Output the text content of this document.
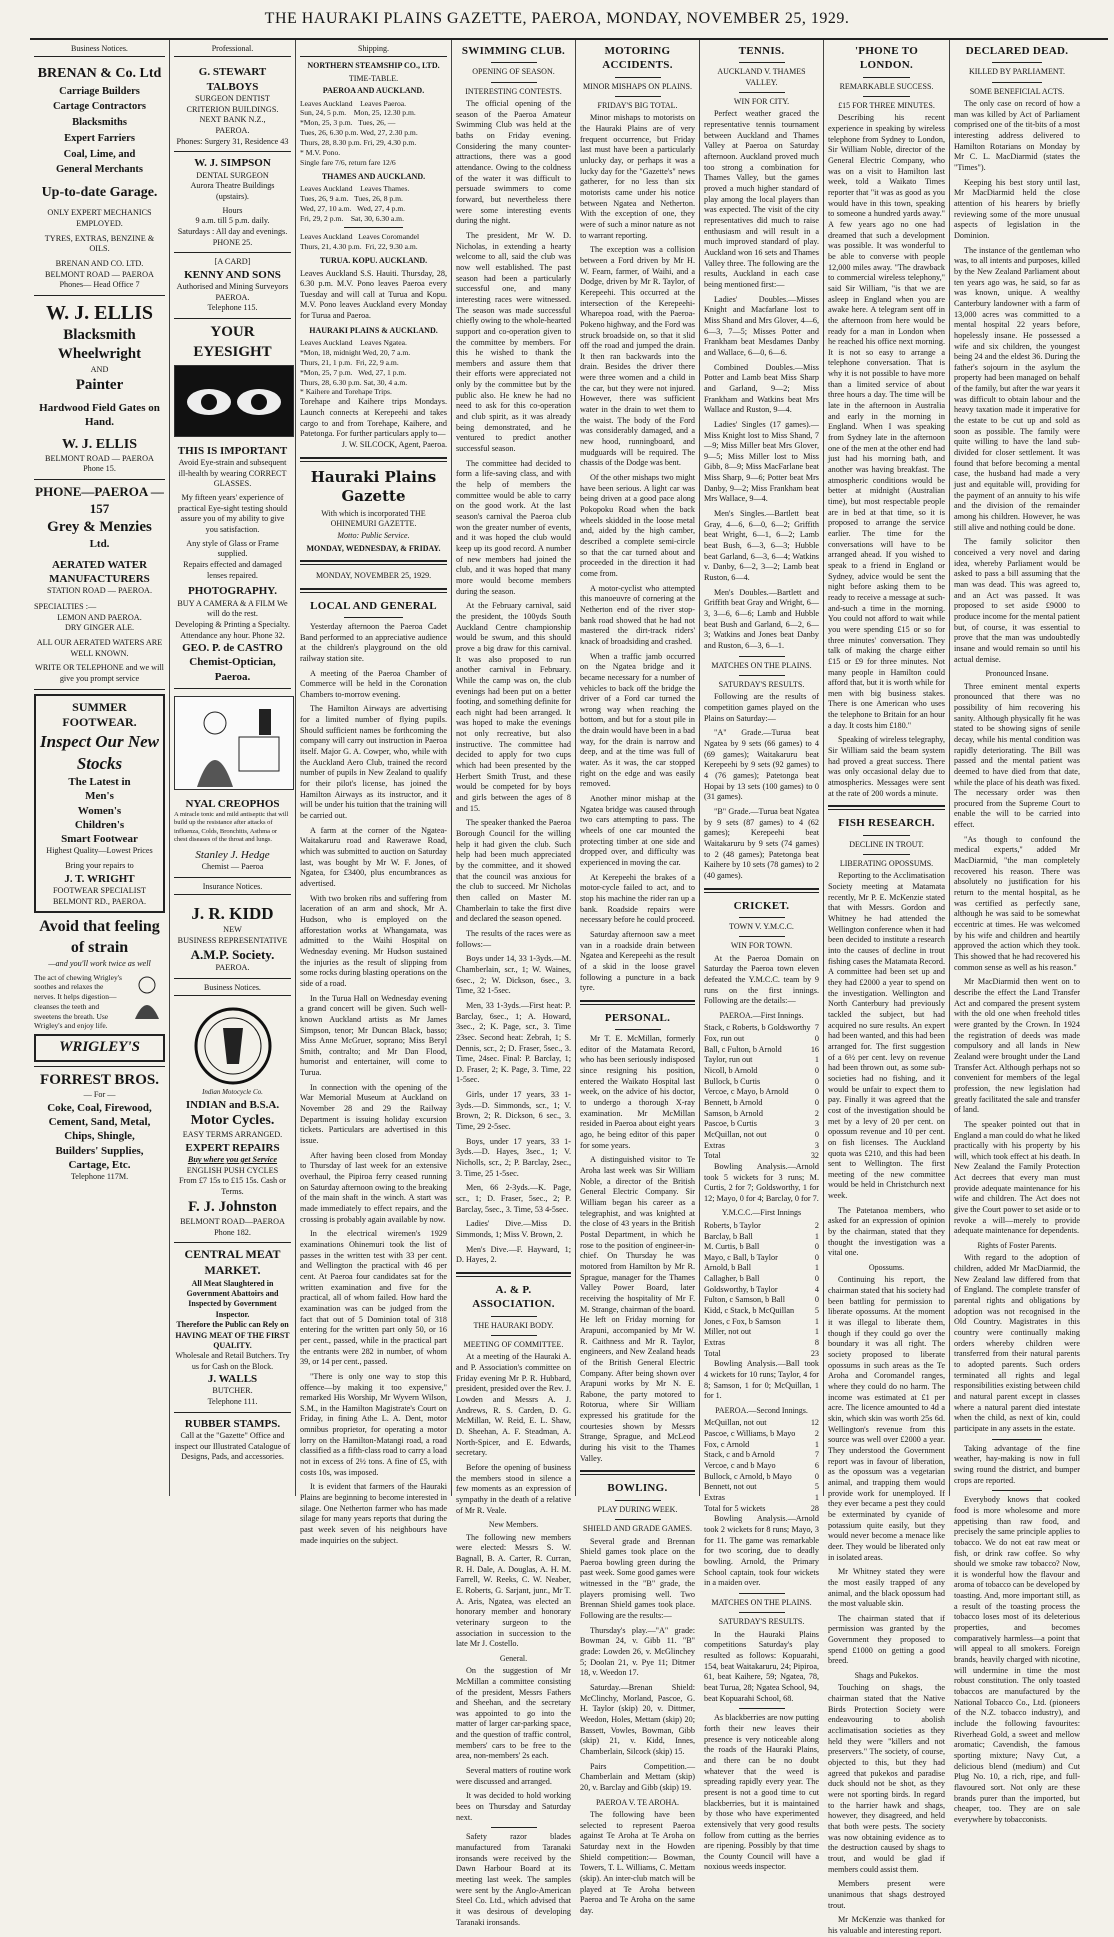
THE HAURAKI PLAINS GAZETTE, PAEROA, MONDAY, NOVEMBER 25, 1929.
Business Notices.
BRENAN & Co. Ltd
Carriage Builders
Cartage Contractors
Blacksmiths
Expert Farriers
Coal, Lime, and
General Merchants
Up-to-date Garage.
ONLY EXPERT MECHANICS EMPLOYED.
TYRES, EXTRAS, BENZINE & OILS.
BRENAN AND CO. LTD.
BELMONT ROAD — PAEROA
Phones— Head Office 7
W. J. ELLIS
Blacksmith
Wheelwright
AND
Painter
Hardwood Field Gates on Hand.
W. J. ELLIS
BELMONT ROAD — PAEROA
Phone 15.
PHONE—PAEROA —157
Grey & Menzies
Ltd.
AERATED WATER
MANUFACTURERS
STATION ROAD — PAEROA.
SPECIALTIES :—
LEMON AND PAEROA.
DRY GINGER ALE.
ALL OUR AERATED WATERS ARE WELL KNOWN.
WRITE OR TELEPHONE and we will give you prompt service
SUMMER FOOTWEAR.
Inspect Our New Stocks
The Latest in
Men's
Women's
Children's
Smart Footwear
Highest Quality—Lowest Prices
Bring your repairs to
J. T. WRIGHT
FOOTWEAR SPECIALIST
BELMONT RD., PAEROA.
Avoid that feeling of strain
—and you'll work twice as well
The act of chewing Wrigley's soothes and relaxes the nerves. It helps digestion—cleanses the teeth and sweetens the breath. Use Wrigley's and enjoy life.
WRIGLEY'S
FORREST BROS.
— For —
Coke, Coal, Firewood,
Cement, Sand, Metal,
Chips, Shingle,
Builders' Supplies,
Cartage, Etc.
Telephone 117M.
Professional.
G. STEWART TALBOYS
SURGEON DENTIST
CRITERION BUILDINGS.
NEXT BANK N.Z.,
PAEROA.
Phones: Surgery 31, Residence 43
W. J. SIMPSON
DENTAL SURGEON
Aurora Theatre Buildings (upstairs).
Hours
9 a.m. till 5 p.m. daily.
Saturdays : All day and evenings.
PHONE 25.
[A CARD]
KENNY AND SONS
Authorised and Mining Surveyors
PAEROA.
Telephone 115.
YOUR EYESIGHT
THIS IS IMPORTANT
Avoid Eye-strain and subsequent ill-health by wearing CORRECT GLASSES.
My fifteen years' experience of practical Eye-sight testing should assure you of my ability to give you satisfaction.
Any style of Glass or Frame supplied.
Repairs effected and damaged lenses repaired.
PHOTOGRAPHY.
BUY A CAMERA & A FILM We will do the rest.
Developing & Printing a Specialty. Attendance any hour. Phone 32.
GEO. P. de CASTRO
Chemist-Optician, Paeroa.
NYAL CREOPHOS
A miracle tonic and mild antiseptic that will build up the resistance after attacks of influenza, Colds, Bronchitis, Asthma or chest diseases of the throat and lungs.
Stanley J. Hedge
Chemist — Paeroa
Insurance Notices.
J. R. KIDD
NEW
BUSINESS REPRESENTATIVE
A.M.P. Society.
PAEROA.
Business Notices.
Indian Motocycle Co.
INDIAN and B.S.A.
Motor Cycles.
EASY TERMS ARRANGED.
EXPERT REPAIRS
Buy where you get Service
ENGLISH PUSH CYCLES
From £7 15s to £15 15s. Cash or Terms.
F. J. Johnston
BELMONT ROAD—PAEROA
Phone 182.
CENTRAL MEAT MARKET.
All Meat Slaughtered in Government Abattoirs and Inspected by Government Inspector.
Therefore the Public can Rely on HAVING MEAT OF THE FIRST QUALITY.
Wholesale and Retail Butchers. Try us for Cash on the Block.
J. WALLS
BUTCHER.
Telephone 111.
RUBBER STAMPS.
Call at the "Gazette" Office and inspect our Illustrated Catalogue of Designs, Pads, and accessories.
Shipping.
NORTHERN STEAMSHIP CO., LTD.
TIME-TABLE.
PAEROA AND AUCKLAND.
Leaves Auckland    Leaves Paeroa.
Sun, 24, 5 p.m.    Mon, 25, 12.30 p.m.
*Mon, 25, 3 p.m.   Tues, 26, —
Tues, 26, 6.30 p.m. Wed, 27, 2.30 p.m.
Thurs, 28, 8.30 p.m. Fri, 29, 4.30 p.m.
* M.V. Pono.
Single fare 7/6, return fare 12/6
THAMES AND AUCKLAND.
Leaves Auckland    Leaves Thames.
Tues, 26, 9 a.m.   Tues, 26, 8 p.m.
Wed, 27, 10 a.m.   Wed, 27, 4 p.m.
Fri, 29, 2 p.m.    Sat, 30, 6.30 a.m.
Leaves Auckland   Leaves Coromandel
Thurs, 21, 4.30 p.m.  Fri, 22, 9.30 a.m.
TURUA. KOPU. AUCKLAND.
Leaves Auckland S.S. Hauiti. Thursday, 28, 6.30 p.m. M.V. Pono leaves Paeroa every Tuesday and will call at Turua and Kopu. M.V. Pono leaves Auckland every Monday for Turua and Paeroa.
HAURAKI PLAINS & AUCKLAND.
Leaves Auckland    Leaves Ngatea.
*Mon, 18, midnight Wed, 20, 7 a.m.
Thurs, 21, 1 p.m.  Fri, 22, 9 a.m.
*Mon, 25, 7 p.m.   Wed, 27, 1 p.m.
Thurs, 28, 6.30 p.m. Sat, 30, 4 a.m.
* Kaihere and Torehape Trips.
Torehape and Kaihere trips Mondays. Launch connects at Kerepeehi and takes cargo to and from Torehape, Kaihere, and Patetonga. For further particulars apply to—
J. W. SILCOCK, Agent, Paeroa.
Hauraki Plains Gazette
With which is incorporated THE OHINEMURI GAZETTE.
Motto: Public Service.
MONDAY, WEDNESDAY, & FRIDAY.
MONDAY, NOVEMBER 25, 1929.
LOCAL AND GENERAL

Yesterday afternoon the Paeroa Cadet Band performed to an appreciative audience at the children's playground on the old railway station site.

A meeting of the Paeroa Chamber of Commerce will be held in the Coronation Chambers to-morrow evening.

The Hamilton Airways are advertising for a limited number of flying pupils. Should sufficient names be forthcoming the company will carry out instruction in Paeroa itself. Major G. A. Cowper, who, while with the Auckland Aero Club, trained the record number of pupils in New Zealand to qualify for their pilot's license, has joined the Hamilton Airways as its instructor, and it will be under his tuition that the training will be carried out.

A farm at the corner of the Ngatea-Waitakaruru road and Rawerawe Road, which was submitted to auction on Saturday last, was bought by Mr W. F. Jones, of Ngatea, for £3400, plus encumbrances as advertised.

With two broken ribs and suffering from laceration of an arm and shock, Mr A. Hudson, who is employed on the afforestation works at Whangamata, was admitted to the Waihi Hospital on Wednesday evening. Mr Hudson sustained the injuries as the result of slipping from some rocks during blasting operations on the side of a road.

In the Turua Hall on Wednesday evening a grand concert will be given. Such well-known Auckland artists as Mr James Simpson, tenor; Mr Duncan Black, basso; Miss Anne McGruer, soprano; Miss Beryl Smith, contralto; and Mr Dan Flood, humorist and entertainer, will come to Turua.

In connection with the opening of the War Memorial Museum at Auckland on November 28 and 29 the Railway Department is issuing holiday excursion tickets. Particulars are advertised in this issue.

After having been closed from Monday to Thursday of last week for an extensive overhaul, the Pipiroa ferry ceased running on Saturday afternoon owing to the breaking of the main shaft in the winch. A start was made immediately to effect repairs, and the crossing is probably again available by now.

In the electrical wiremen's 1929 examinations Ohinemuri took the list of passes in the written test with 33 per cent. and Wellington the practical with 46 per cent. At Paeroa four candidates sat for the written examination and five for the practical, all of whom failed. How hard the examination was can be judged from the fact that out of 5 Dominion total of 318 entering for the written part only 50, or 16 per cent., passed, while in the practical part the entrants were 282 in number, of whom 39, or 14 per cent., passed.

"There is only one way to stop this offence—by making it too expensive," remarked His Worship, Mr Wyvern Wilson, S.M., in the Hamilton Magistrate's Court on Friday, in fining Athe L. A. Dent, motor omnibus proprietor, for operating a motor lorry on the Hamilton-Matangi road, a road classified as a fifth-class road to carry a load not in excess of 2½ tons. A fine of £5, with costs 10s, was imposed.

It is evident that farmers of the Hauraki Plains are beginning to become interested in silage. One Netherton farmer who has made silage for many years reports that during the past week seven of his neighbours have made inquiries on the subject.

SWIMMING CLUB.
OPENING OF SEASON.
INTERESTING CONTESTS.

The official opening of the season of the Paeroa Amateur Swimming Club was held at the baths on Friday evening. Considering the many counter-attractions, there was a good attendance. Owing to the coldness of the water it was difficult to persuade swimmers to come forward, but nevertheless there were some interesting events during the night.

The president, Mr W. D. Nicholas, in extending a hearty welcome to all, said the club was now well established. The past season had been a particularly successful one, and many interesting races were witnessed. The season was made successful chiefly owing to the whole-hearted support and co-operation given to the committee by members. For this he wished to thank the members and assure them that their efforts were appreciated not only by the committee but by the public also. He knew he had no need to ask for this co-operation and club spirit, as it was already being demonstrated, and he ventured to predict another successful season.

The committee had decided to form a life-saving class, and with the help of members the committee would be able to carry on the good work. At the last season's carnival the Paeroa club won the greater number of events, and it was hoped the club would keep up its good record. A number of new members had joined the club, and it was hoped that many more would become members during the season.

At the February carnival, said the president, the 100yds South Auckland Centre championship would be swum, and this should prove a big draw for this carnival. It was also proposed to run another carnival in February. While the camp was on, the club evenings had been put on a better footing, and something definite for each night had been arranged. It was hoped to make the evenings not only recreative, but also instructive. The committee had decided to apply for two cups which had been presented by the Herbert Smith Trust, and these would be competed for by boys and girls between the ages of 8 and 15.

The speaker thanked the Paeroa Borough Council for the willing help it had given the club. Such help had been much appreciated by the committee, and it showed that the council was anxious for the club to succeed. Mr Nicholas then called on Master M. Chamberlain to take the first dive and declared the season opened.

The results of the races were as follows:—

Boys under 14, 33 1-3yds.—M. Chamberlain, scr., 1; W. Waines, 6sec., 2; W. Dickson, 6sec., 3. Time, 32 1-5sec.

Men, 33 1-3yds.—First heat: P. Barclay, 6sec., 1; A. Howard, 3sec., 2; K. Page, scr., 3. Time 23sec. Second heat: Zebrah, 1; S. Dennis, scr., 2; D. Fraser, 5sec., 3. Time, 24sec. Final: P. Barclay, 1; D. Fraser, 2; K. Page, 3. Time, 22 1-5sec.

Girls, under 17 years, 33 1-3yds.—D. Simmonds, scr., 1; V. Brown, 2; R. Dickson, 6 sec., 3. Time, 29 2-5sec.

Boys, under 17 years, 33 1-3yds.—D. Hayes, 3sec., 1; V. Nicholls, scr., 2; P. Barclay, 2sec., 3. Time, 25 1-5sec.

Men, 66 2-3yds.—K. Page, scr., 1; D. Fraser, 5sec., 2; P. Barclay, 5sec., 3. Time, 53 4-5sec.

Ladies' Dive.—Miss D. Simmonds, 1; Miss V. Brown, 2.

Men's Dive.—F. Hayward, 1; D. Hayes, 2.

A. & P. ASSOCIATION.
THE HAURAKI BODY.
MEETING OF COMMITTEE.

At a meeting of the Hauraki A. and P. Association's committee on Friday evening Mr P. R. Hubbard, president, presided over the Rev. J. Lowden and Messrs A. J. Andrews, R. S. Carden, D. G. McMillan, W. Reid, E. L. Shaw, D. Sheehan, A. F. Steadman, A. North-Spicer, and E. Edwards, secretary.

Before the opening of business the members stood in silence a few moments as an expression of sympathy in the death of a relative of Mr R. Veale.

New Members.

The following new members were elected: Messrs S. W. Bagnall, B. A. Carter, R. Curran, R. H. Dale, A. Douglas, A. H. M. Farrell, W. Reeks, C. W. Neaber, E. Roberts, G. Sarjant, junr., Mr T. A. Aris, Ngatea, was elected an honorary member and honorary veterinary surgeon to the association in succession to the late Mr J. Costello.

General.

On the suggestion of Mr McMillan a committee consisting of the president, Messrs Fathers and Sheehan, and the secretary was appointed to go into the matter of larger car-parking space, and the question of traffic control, members' cars to be free to the area, non-members' 2s each.

Several matters of routine work were discussed and arranged.

It was decided to hold working bees on Thursday and Saturday next.

Safety razor blades manufactured from Taranaki ironsands were received by the Dawn Harbour Board at its meeting last week. The samples were sent by the Anglo-American Steel Co. Ltd., which advised that it was desirous of developing Taranaki ironsands.

MOTORING ACCIDENTS.
MINOR MISHAPS ON PLAINS.
FRIDAY'S BIG TOTAL.

Minor mishaps to motorists on the Hauraki Plains are of very frequent occurrence, but Friday last must have been a particularly unlucky day, or perhaps it was a lucky day for the "Gazette's" news gatherer, for no less than six motorists came under his notice between Ngatea and Netherton. With the exception of one, they were of such a minor nature as not to warrant reporting.

The exception was a collision between a Ford driven by Mr H. W. Fearn, farmer, of Waihi, and a Dodge, driven by Mr R. Taylor, of Kerepeehi. This occurred at the intersection of the Kerepeehi-Wharepoa road, with the Paeroa-Pokeno highway, and the Ford was struck broadside on, so that it slid off the road and jumped the drain. It then ran backwards into the drain. Besides the driver there were three women and a child in the car, but they were not injured. However, there was sufficient water in the drain to wet them to the waist. The body of the Ford was considerably damaged, and a new hood, runningboard, and mudguards will be required. The chassis of the Dodge was bent.

Of the other mishaps two might have been serious. A light car was being driven at a good pace along Pokopoku Road when the back wheels skidded in the loose metal and, aided by the high camber, described a complete semi-circle so that the car turned about and proceeded in the direction it had come from.

A motor-cyclist who attempted this manoeuvre of cornering at the Netherton end of the river stop-bank road showed that he had not mastered the dirt-track riders' knack of broadsiding and crashed.

When a traffic jamb occurred on the Ngatea bridge and it became necessary for a number of vehicles to back off the bridge the driver of a Ford car turned the wrong way when reaching the bottom, and but for a stout pile in the drain would have been in a bad way, for the drain is narrow and deep, and at the time was full of water. As it was, the car stopped right on the edge and was easily removed.

Another minor mishap at the Ngatea bridge was caused through two cars attempting to pass. The wheels of one car mounted the protecting timber at one side and dropped over, and difficulty was experienced in moving the car.

At Kerepeehi the brakes of a motor-cycle failed to act, and to stop his machine the rider ran up a bank. Roadside repairs were necessary before he could proceed.

Saturday afternoon saw a meet van in a roadside drain between Ngatea and Kerepeehi as the result of a skid in the loose gravel following a puncture in a back tyre.

PERSONAL.

Mr T. E. McMillan, formerly editor of the Matamata Record, who has been seriously indisposed since resigning his position, entered the Waikato Hospital last week, on the advice of his doctor, to undergo a thorough X-ray examination. Mr McMillan resided in Paeroa about eight years ago, he being editor of this paper for some years.

A distinguished visitor to Te Aroha last week was Sir William Noble, a director of the British General Electric Company. Sir William began his career as a telegraphist, and was knighted at the close of 43 years in the British Postal Department, in which he rose to the position of engineer-in-chief. On Thursday he was motored from Hamilton by Mr R. Sprague, manager for the Thames Valley Power Board, later receiving the hospitality of Mr F. M. Strange, chairman of the board. He left on Friday morning for Arapuni, accompanied by Mr W. R. Caithness and Mr R. Taylor, engineers, and New Zealand heads of the British General Electric Company. After being shown over Arapuni works by Mr N. E. Rabone, the party motored to Rotorua, where Sir William expressed his gratitude for the courtesies shown by Messrs Strange, Sprague, and McLeod during his visit to the Thames Valley.

BOWLING.
PLAY DURING WEEK.
SHIELD AND GRADE GAMES.

Several grade and Brennan Shield games took place on the Paeroa bowling green during the past week. Some good games were witnessed in the "B" grade, the players promising well. Two Brennan Shield games took place. Following are the results:—

Thursday's play.—"A" grade: Bowman 24, v. Gibb 11. "B" grade: Lowden 26, v. McGlinchey 5; Doolan 21, v. Pye 11; Ditmer 18, v. Weedon 17.

Saturday.—Brenan Shield: McClinchy, Morland, Pascoe, G. H. Taylor (skip) 20, v. Dittmer, Weedon, Holes, Mettam (skip) 20; Bassett, Vowles, Bowman, Gibb (skip) 21, v. Kidd, Innes, Chamberlain, Silcock (skip) 15.

Pairs Competition.—Chamberlain and Mettam (skip) 20, v. Barclay and Gibb (skip) 19.

PAEROA V. TE AROHA.

The following have been selected to represent Paeroa against Te Aroha at Te Aroha on Saturday next in the Howden Shield competition:— Bowman, Towers, T. L. Williams, C. Mettam (skip). An inter-club match will be played at Te Aroha between Paeroa and Te Aroha on the same day.

TENNIS.
AUCKLAND V. THAMES VALLEY.
WIN FOR CITY.

Perfect weather graced the representative tennis tournament between Auckland and Thames Valley at Paeroa on Saturday afternoon. Auckland proved much too strong a combination for Thames Valley, but the games proved a much higher standard of play among the local players than was expected. The visit of the city representatives did much to raise enthusiasm and will result in a much improved standard of play. Auckland won 16 sets and Thames Valley three. The following are the results, Auckland in each case being mentioned first:—

Ladies' Doubles.—Misses Knight and Macfarlane lost to Miss Shand and Mrs Glover, 4—6, 6—3, 7—5; Misses Potter and Frankham beat Mesdames Danby and Wallace, 6—0, 6—6.

Combined Doubles.—Miss Potter and Lamb beat Miss Sharp and Garland, 9—2; Miss Frankham and Watkins beat Mrs Wallace and Ruston, 9—4.

Ladies' Singles (17 games).—Miss Knight lost to Miss Shand, 7—9; Miss Miller beat Mrs Glover, 9—5; Miss Miller lost to Miss Gibb, 8—9; Miss MacFarlane beat Miss Sharp, 9—6; Potter beat Mrs Danby, 9—2; Miss Frankham beat Mrs Wallace, 9—4.

Men's Singles.—Bartlett beat Gray, 4—6, 6—0, 6—2; Griffith beat Wright, 6—1, 6—2; Lamb beat Bush, 6—3, 6—3; Hubble beat Garland, 6—3, 6—4; Watkins v. Danby, 6—2, 3—2; Lamb beat Ruston, 6—4.

Men's Doubles.—Bartlett and Griffith beat Gray and Wright, 6—3, 3—6, 6—6; Lamb and Hubble beat Bush and Garland, 6—2, 6—3; Watkins and Jones beat Danby and Ruston, 6—3, 6—1.

MATCHES ON THE PLAINS.
SATURDAY'S RESULTS.

Following are the results of competition games played on the Plains on Saturday:—

"A" Grade.—Turua beat Ngatea by 9 sets (66 games) to 4 (69 games); Waitakaruru beat Kerepeehi by 9 sets (92 games) to 4 (76 games); Patetonga beat Hopai by 13 sets (100 games) to 0 (31 games).

"B" Grade.—Turua beat Ngatea by 9 sets (87 games) to 4 (62 games); Kerepeehi beat Waitakaruru by 9 sets (74 games) to 2 (48 games); Patetonga beat Kaihere by 10 sets (78 games) to 2 (40 games).

CRICKET.
TOWN V. Y.M.C.C.
WIN FOR TOWN.

At the Paeroa Domain on Saturday the Paeroa town eleven defeated the Y.M.C.C. team by 9 runs on the first innings. Following are the details:—

PAEROA.—First Innings.
Stack, c Roberts, b Goldsworthy 7
Fox, run out	0
Ball, c Fulton, b Arnold	16
Taylor, run out	1
Nicoll, b Arnold	0
Bullock, b Curtis	0
Vercoe, c Mayo, b Arnold	0
Bennett, b Arnold	0
Samson, b Arnold	2
Pascoe, b Curtis	3
McQuillan, not out	0
Extras	3
Total	32

Bowling Analysis.—Arnold took 5 wickets for 3 runs; M. Curtis, 2 for 7; Goldsworthy, 1 for 12; Mayo, 0 for 4; Barclay, 0 for 7.

Y.M.C.C.—First Innings
Roberts, b Taylor	2
Barclay, b Ball	1
M. Curtis, b Ball	0
Mayo, c Ball, b Taylor	0
Arnold, b Ball	1
Callagher, b Ball	0
Goldsworthy, b Taylor	4
Fulton, c Samson, b Ball	0
Kidd, c Stack, b McQuillan	5
Jones, c Fox, b Samson	1
Miller, not out	1
Extras	8
Total	23

Bowling Analysis.—Ball took 4 wickets for 10 runs; Taylor, 4 for 8; Samson, 1 for 0; McQuillan, 1 for 1.

PAEROA.—Second Innings.
McQuillan, not out	12
Pascoe, c Williams, b Mayo 2
Fox, c Arnold	1
Stack, c and b Arnold	7
Vercoe, c and b Mayo	6
Bullock, c Arnold, b Mayo	0
Bennett, not out	5
Extras	1
Total for 5 wickets	28

Bowling Analysis.—Arnold took 2 wickets for 8 runs; Mayo, 3 for 11. The game was remarkable for two scoring, due to deadly bowling. Arnold, the Primary School captain, took four wickets in a maiden over.

MATCHES ON THE PLAINS.
SATURDAY'S RESULTS.

In the Hauraki Plains competitions Saturday's play resulted as follows: Kopuarahi, 154, beat Waitakaruru, 24; Pipiroa, 61, beat Kaihere, 59; Ngatea, 78, beat Turua, 28; Ngatea School, 94, beat Kopuarahi School, 68.

As blackberries are now putting forth their new leaves their presence is very noticeable along the roads of the Hauraki Plains, and there can be no doubt whatever that the weed is spreading rapidly every year. The present is not a good time to cut blackberries, but it is maintained by those who have experimented extensively that very good results follow from cutting as the berries are ripening. Possibly by that time the County Council will have a noxious weeds inspector.

'PHONE TO LONDON.
REMARKABLE SUCCESS.
£15 FOR THREE MINUTES.

Describing his recent experience in speaking by wireless telephone from Sydney to London, Sir William Noble, director of the General Electric Company, who was on a visit to Hamilton last week, told a Waikato Times reporter that "it was as good as you would have in this town, speaking to someone a hundred yards away." A few years ago no one had dreamed that such a development was possible. It was wonderful to be able to converse with people 12,000 miles away. "The drawback to commercial wireless telephony," said Sir William, "is that we are asleep in England when you are awake here. A telegram sent off in the afternoon from here would be ready for a man in London when he reached his office next morning. It is not so easy to arrange a telephone conversation. That is why it is not possible to have more than a limited service of about three hours a day. The time will be late in the afternoon in Australia and early in the morning in England. When I was speaking from Sydney late in the afternoon one of the men at the other end had just had his morning bath, and another was having breakfast. The atmospheric conditions would be better at midnight (Australian time), but most respectable people are in bed at that time, so it is proposed to arrange the service earlier. The time for the conversations will have to be arranged ahead. If you wished to speak to a friend in England or Sydney, advice would be sent the night before asking them to be ready to receive a message at such-and-such a time in the morning. You could not afford to wait while you were spending £15 or so for three minutes' conversation. They talk of making the charge either £15 or £9 for three minutes. Not many people in Hamilton could afford that, but it is worth while for men with big business stakes. There is one American who uses the telephone to Britain for an hour a day. It costs him £180."

Speaking of wireless telegraphy, Sir William said the beam system had proved a great success. There was only occasional delay due to atmospherics. Messages were sent at the rate of 200 words a minute.

FISH RESEARCH.
DECLINE IN TROUT.
LIBERATING OPOSSUMS.

Reporting to the Acclimatisation Society meeting at Matamata recently, Mr P. E. McKenzie stated that with Messrs. Gordon and Whitney he had attended the Wellington conference when it had been decided to institute a research into the causes of decline in trout fishing cases the Matamata Record. A committee had been set up and they had £2000 a year to spend on the investigation. Wellington and North Canterbury had previously tackled the subject, but had acquired no sure results. An expert had been wanted, and this had been arranged for. The first suggestion of a 6½ per cent. levy on revenue had been thrown out, as some sub-societies had no fishing, and it would be unfair to expect them to pay. Finally it was agreed that the cost of the investigation should be met by a levy of 20 per cent. on opossum revenue and 10 per cent. on fish licenses. The Auckland quota was £210, and this had been sent to Wellington. The first meeting of the new committee would be held in Christchurch next week.

The Patetanoa members, who asked for an expression of opinion by the chairman, stated that they thought the investigation was a vital one.

Opossums.

Continuing his report, the chairman stated that his society had been battling for permission to liberate opossums. At the moment it was illegal to liberate them, though if they could go over the boundary it was all right. The society proposed to liberate opossums in such areas as the Te Aroha and Coromandel ranges, where they could do no harm. The income was estimated at £1 per acre. The licence amounted to 4d a skin, which skin was worth 25s 6d. Wellington's revenue from this source was well over £2000 a year. They understood the Government report was in favour of liberation, as the opossum was a vegetarian animal, and trapping them would provide work for unemployed. If they ever became a pest they could be exterminated by cyanide of potassium quite easily, but they would never become a menace like deer. They would be liberated only in isolated areas.

Mr Whitney stated they were the most easily trapped of any animal, and the black opossum had the most valuable skin.

The chairman stated that if permission was granted by the Government they proposed to spend £1000 on getting a good breed.

Shags and Pukekos.

Touching on shags, the chairman stated that the Native Birds Protection Society were endeavouring to abolish acclimatisation societies as they held they were "killers and not preservers." The society, of course, objected to this, but they had agreed that pukekos and paradise duck should not be shot, as they were not sporting birds. In regard to the harrier hawk and shags, however, they disagreed, and held that both were pests. The society was now obtaining evidence as to the destruction caused by shags to trout, and would be glad if members could assist them.

Members present were unanimous that shags destroyed trout.

Mr McKenzie was thanked for his valuable and interesting report.

DECLARED DEAD.
KILLED BY PARLIAMENT.
SOME BENEFICIAL ACTS.

The only case on record of how a man was killed by Act of Parliament comprised one of the tit-bits of a most interesting address delivered to Hamilton Rotarians on Monday by Mr C. L. MacDiarmid (states the "Times").

Keeping his best story until last, Mr MacDiarmid held the close attention of his hearers by briefly reviewing some of the more unusual aspects of legislation in the Dominion.

The instance of the gentleman who was, to all intents and purposes, killed by the New Zealand Parliament about ten years ago was, he said, so far as was known, unique. A wealthy Canterbury landowner with a farm of 13,000 acres was committed to a mental hospital 22 years before, hopelessly insane. He possessed a wife and six children, the youngest being 24 and the eldest 36. During the father's sojourn in the asylum the property had been managed on behalf of the family, but after the war years it was difficult to obtain labour and the heavy taxation made it imperative for the estate to be cut up and sold as soon as possible. The family were quite willing to have the land sub-divided for closer settlement. It was found that before becoming a mental case, the husband had made a very just and equitable will, providing for the payment of an annuity to his wife and the division of the remainder among his children. However, he was still alive and nothing could be done.

The family solicitor then conceived a very novel and daring idea, whereby Parliament would be asked to pass a bill assuming that the man was dead. This was agreed to, and an Act was passed. It was proposed to set aside £9000 to produce income for the mental patient but, of course, it was essential to prove that the man was undoubtedly insane and would remain so until his actual demise.

Pronounced Insane.

Three eminent mental experts pronounced that there was no possibility of him recovering his sanity. Although physically fit he was stated to be showing signs of senile decay, while his mental condition was rapidly deteriorating. The Bill was passed and the mental patient was deemed to have died from that date, while the place of his death was fixed. The necessary order was then procured from the Supreme Court to enable the will to be carried into effect.

"As though to confound the medical experts," added Mr MacDiarmid, "the man completely recovered his reason. There was absolutely no justification for his return to the mental hospital, as he was certified as perfectly sane, although he was said to be somewhat eccentric at times. He was welcomed by his wife and children and heartily approved the action which they took. This showed that he had recovered his common sense as well as his reason."

Mr MacDiarmid then went on to describe the effect the Land Transfer Act and compared the present system with the old one when freehold titles were granted by the Crown. In 1924 the registration of deeds was made compulsory and all lands in New Zealand were brought under the Land Transfer Act. Although perhaps not so convenient for members of the legal profession, the new legislation had greatly facilitated the sale and transfer of land.

The speaker pointed out that in England a man could do what he liked practically with his property by his will, which took effect at his death. In New Zealand the Family Protection Act decrees that every man must provide adequate maintenance for his wife and children. The Act does not give the Court power to set aside or to revoke a will—merely to provide adequate maintenance for dependents.

Rights of Foster Parents.

With regard to the adoption of children, added Mr MacDiarmid, the New Zealand law differed from that of England. The complete transfer of parental rights and obligations by adoption was not recognised in the Old Country. Magistrates in this country were continually making orders whereby children were transferred from their natural parents to adopted parents. Such orders terminated all rights and legal responsibilities existing between child and natural parent except in classes where a natural parent died intestate when the child, as next of kin, could participate in any assets in the estate.

Taking advantage of the fine weather, hay-making is now in full swing round the district, and bumper crops are reported.

Everybody knows that cooked food is more wholesome and more appetising than raw food, and precisely the same principle applies to tobacco. We do not eat raw meat or fish, or drink raw coffee. So why should we smoke raw tobacco? Now, it is wonderful how the flavour and aroma of tobacco can be developed by toasting. And, more important still, as a result of the toasting process the tobacco loses most of its deleterious properties, and becomes comparatively harmless—a point that will appeal to all smokers. Foreign brands, heavily charged with nicotine, will undermine in time the most robust constitution. The only toasted tobaccos are manufactured by the National Tobacco Co., Ltd. (pioneers of the N.Z. tobacco industry), and include the following favourites: Riverhead Gold, a sweet and mellow aromatic; Cavendish, the famous sporting mixture; Navy Cut, a delicious blend (medium) and Cut Plug No. 10, a rich, ripe, and full-flavoured sort. Not only are these brands purer than the imported, but cheaper, too. They are on sale everywhere by tobacconists.
